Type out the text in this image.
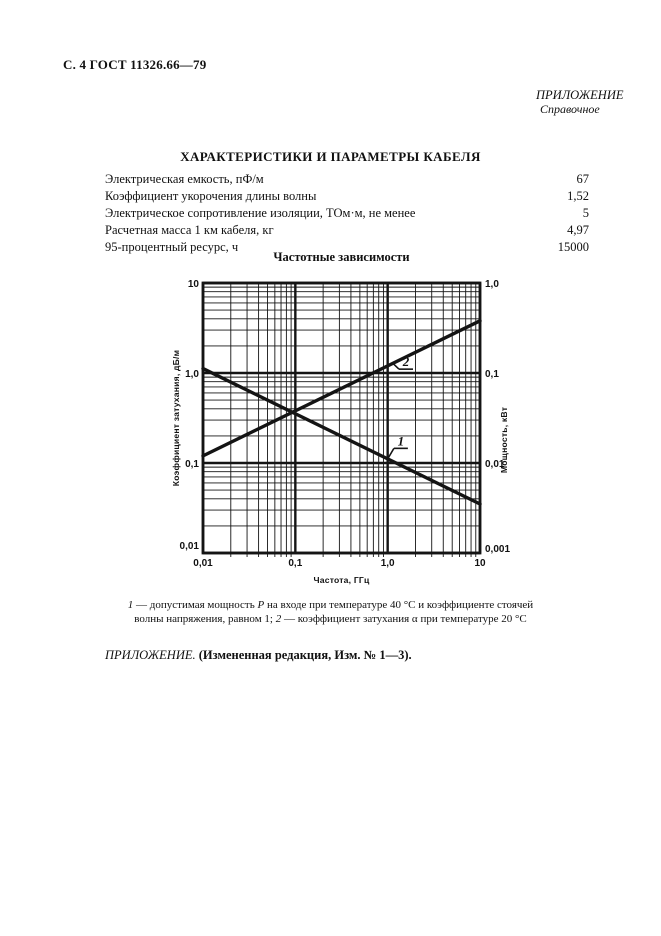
С. 4 ГОСТ 11326.66—79
ПРИЛОЖЕНИЕ
Справочное
ХАРАКТЕРИСТИКИ И ПАРАМЕТРЫ КАБЕЛЯ
Электрическая емкость, пФ/м	67
Коэффициент укорочения длины волны	1,52
Электрическое сопротивление изоляции, ТОм·м, не менее	5
Расчетная масса 1 км кабеля, кг	4,97
95-процентный ресурс, ч	15000
Частотные зависимости
0,01	0,1	1,0	10
10	1,0
1,0	0,1
0,1	0,01
0,01	0,001
Частота, ГГц
Коэффициент затухания, дБ/м	Мощность, кВт
1
2
1 — допустимая мощность Р на входе при температуре 40 °С и коэффициенте стоячей
волны напряжения, равном 1; 2 — коэффициент затухания α при температуре 20 °С
ПРИЛОЖЕНИЕ. (Измененная редакция, Изм. № 1—3).
